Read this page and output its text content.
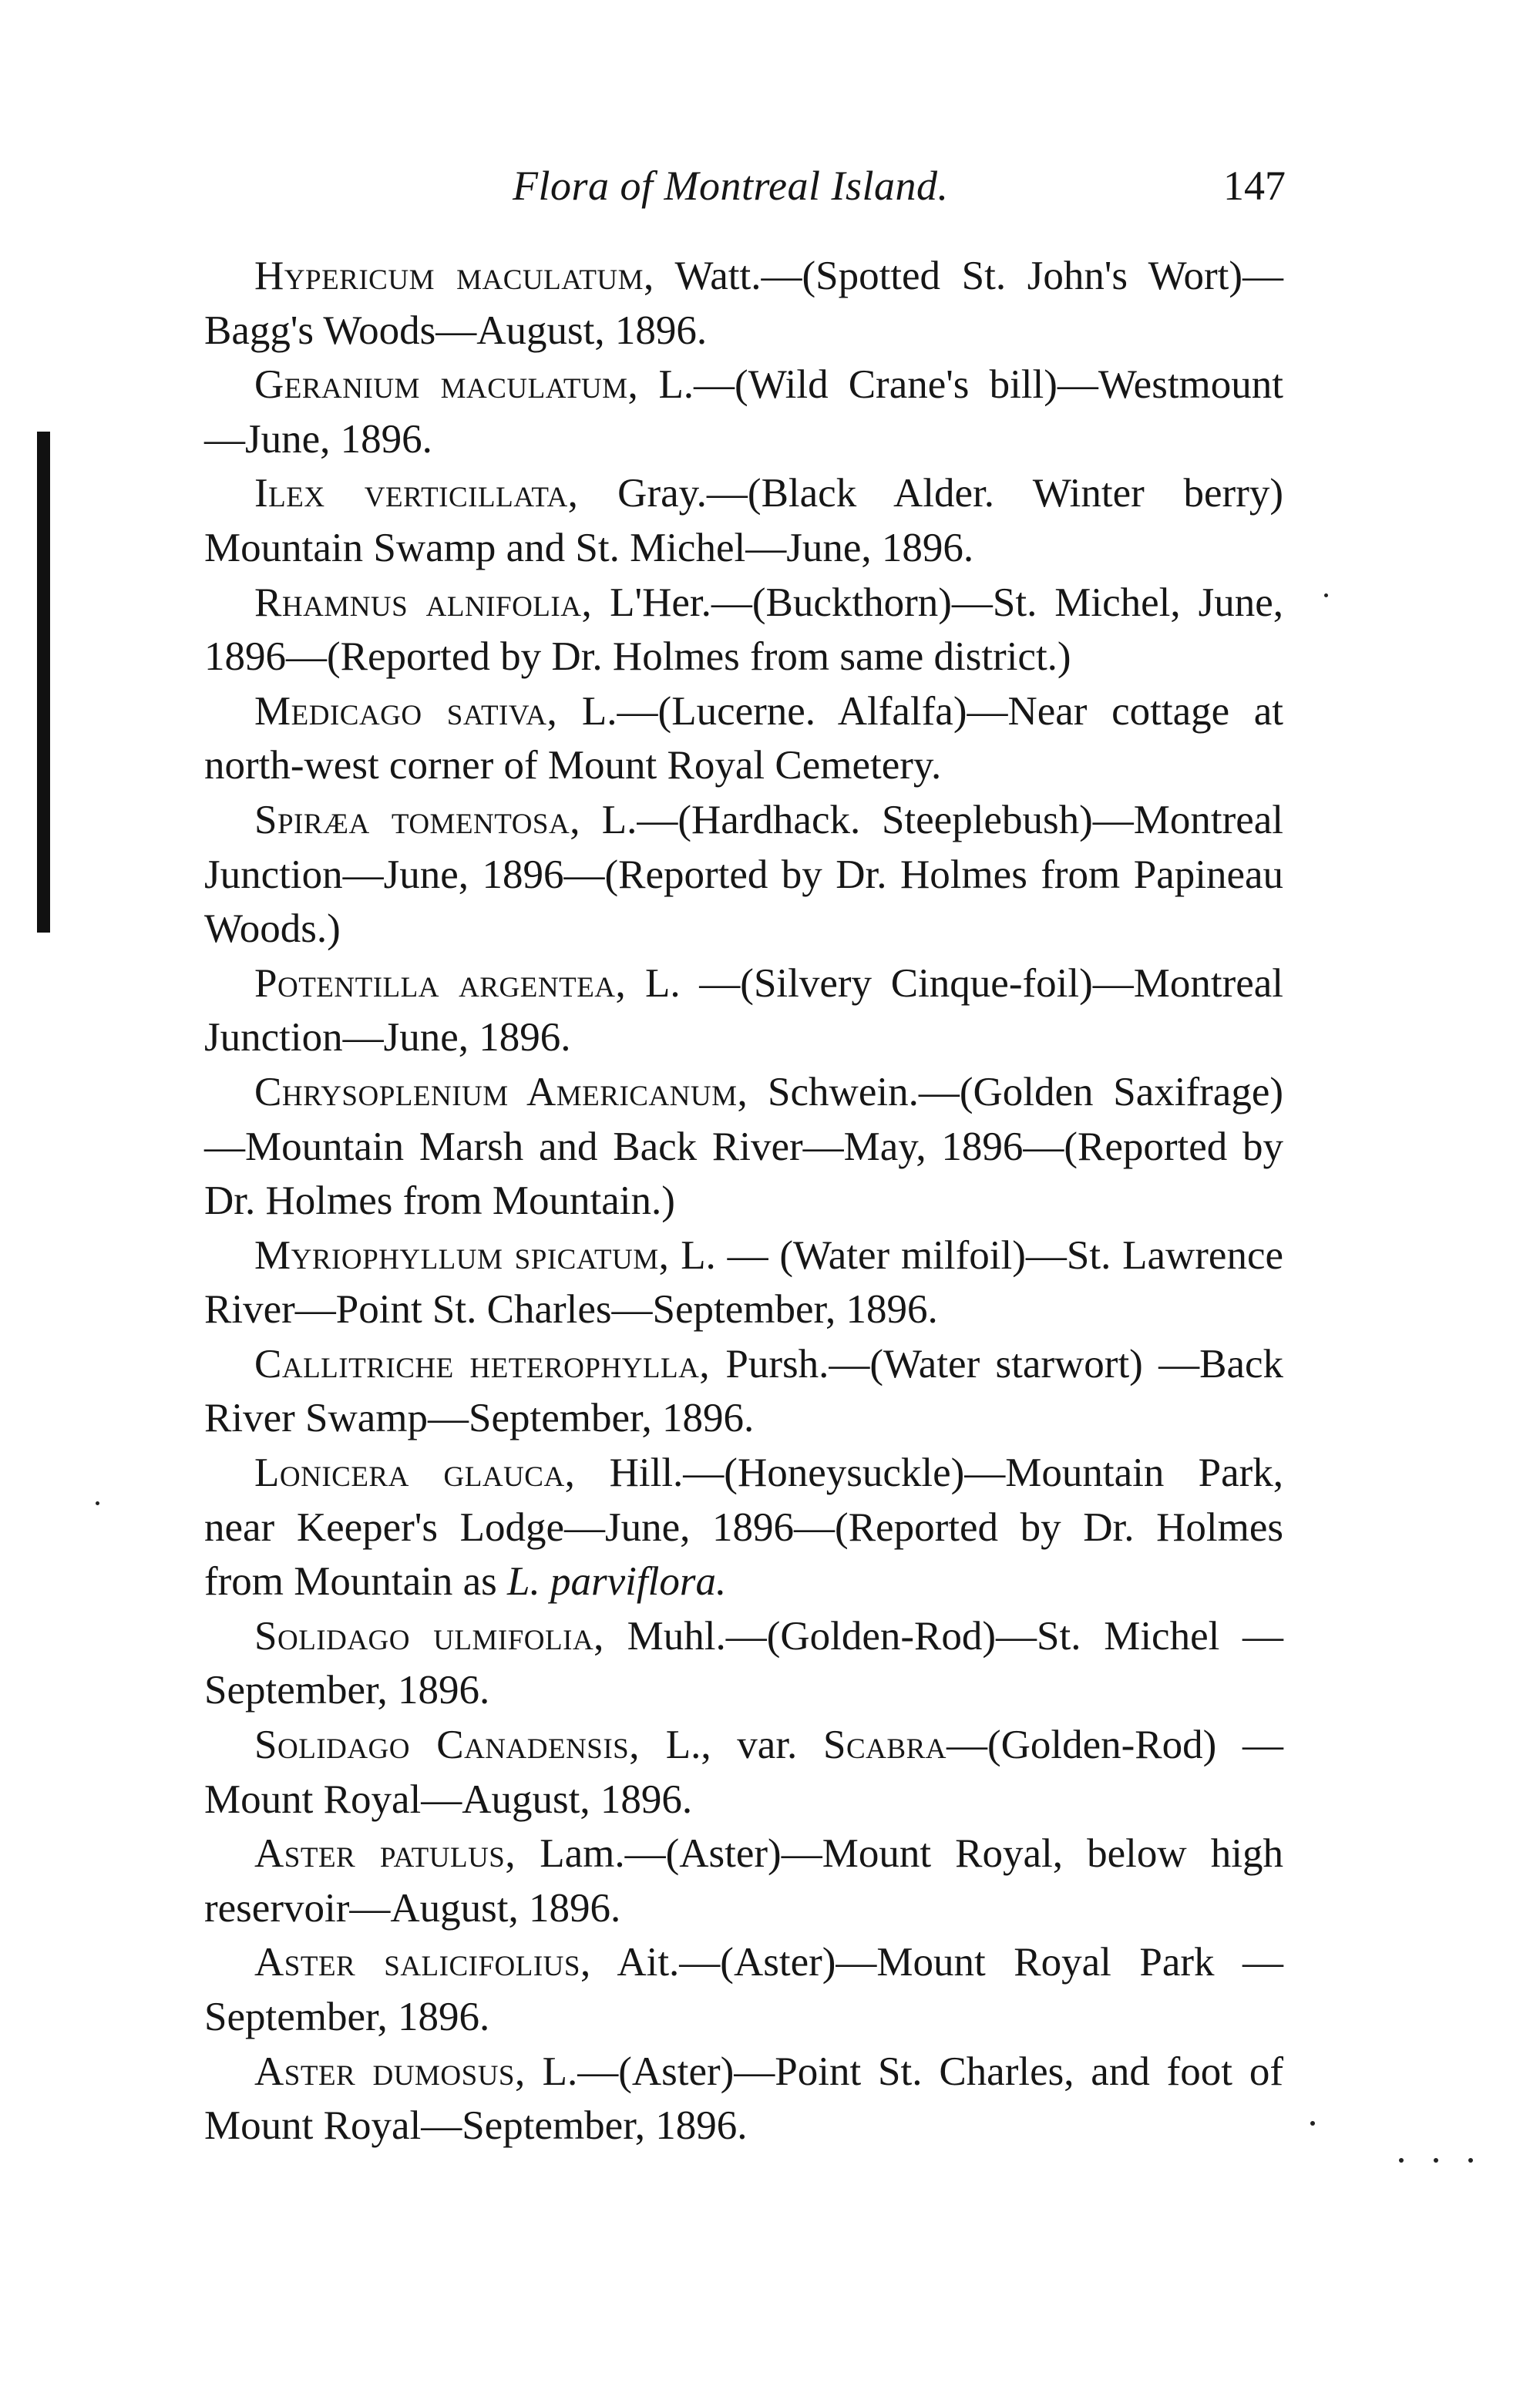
Flora of Montreal Island.	147

Hypericum maculatum, Watt.—(Spotted St. John's Wort)—Bagg's Woods—August, 1896.

Geranium maculatum, L.—(Wild Crane's bill)—Westmount—June, 1896.

Ilex verticillata, Gray.—(Black Alder. Winter berry) Mountain Swamp and St. Michel—June, 1896.

Rhamnus alnifolia, L'Her.—(Buckthorn)—St. Michel, June, 1896—(Reported by Dr. Holmes from same district.)

Medicago sativa, L.—(Lucerne. Alfalfa)—Near cottage at north-west corner of Mount Royal Cemetery.

Spiræa tomentosa, L.—(Hardhack. Steeplebush)—Montreal Junction—June, 1896—(Reported by Dr. Holmes from Papineau Woods.)

Potentilla argentea, L. —(Silvery Cinque-foil)—Montreal Junction—June, 1896.

Chrysoplenium Americanum, Schwein.—(Golden Saxifrage)—Mountain Marsh and Back River—May, 1896—(Reported by Dr. Holmes from Mountain.)

Myriophyllum spicatum, L. — (Water milfoil)—St. Lawrence River—Point St. Charles—September, 1896.

Callitriche heterophylla, Pursh.—(Water starwort) —Back River Swamp—September, 1896.

Lonicera glauca, Hill.—(Honeysuckle)—Mountain Park, near Keeper's Lodge—June, 1896—(Reported by Dr. Holmes from Mountain as L. parviflora.

Solidago ulmifolia, Muhl.—(Golden-Rod)—St. Michel —September, 1896.

Solidago Canadensis, L., var. Scabra—(Golden-Rod) —Mount Royal—August, 1896.

Aster patulus, Lam.—(Aster)—Mount Royal, below high reservoir—August, 1896.

Aster salicifolius, Ait.—(Aster)—Mount Royal Park —September, 1896.

Aster dumosus, L.—(Aster)—Point St. Charles, and foot of Mount Royal—September, 1896.
